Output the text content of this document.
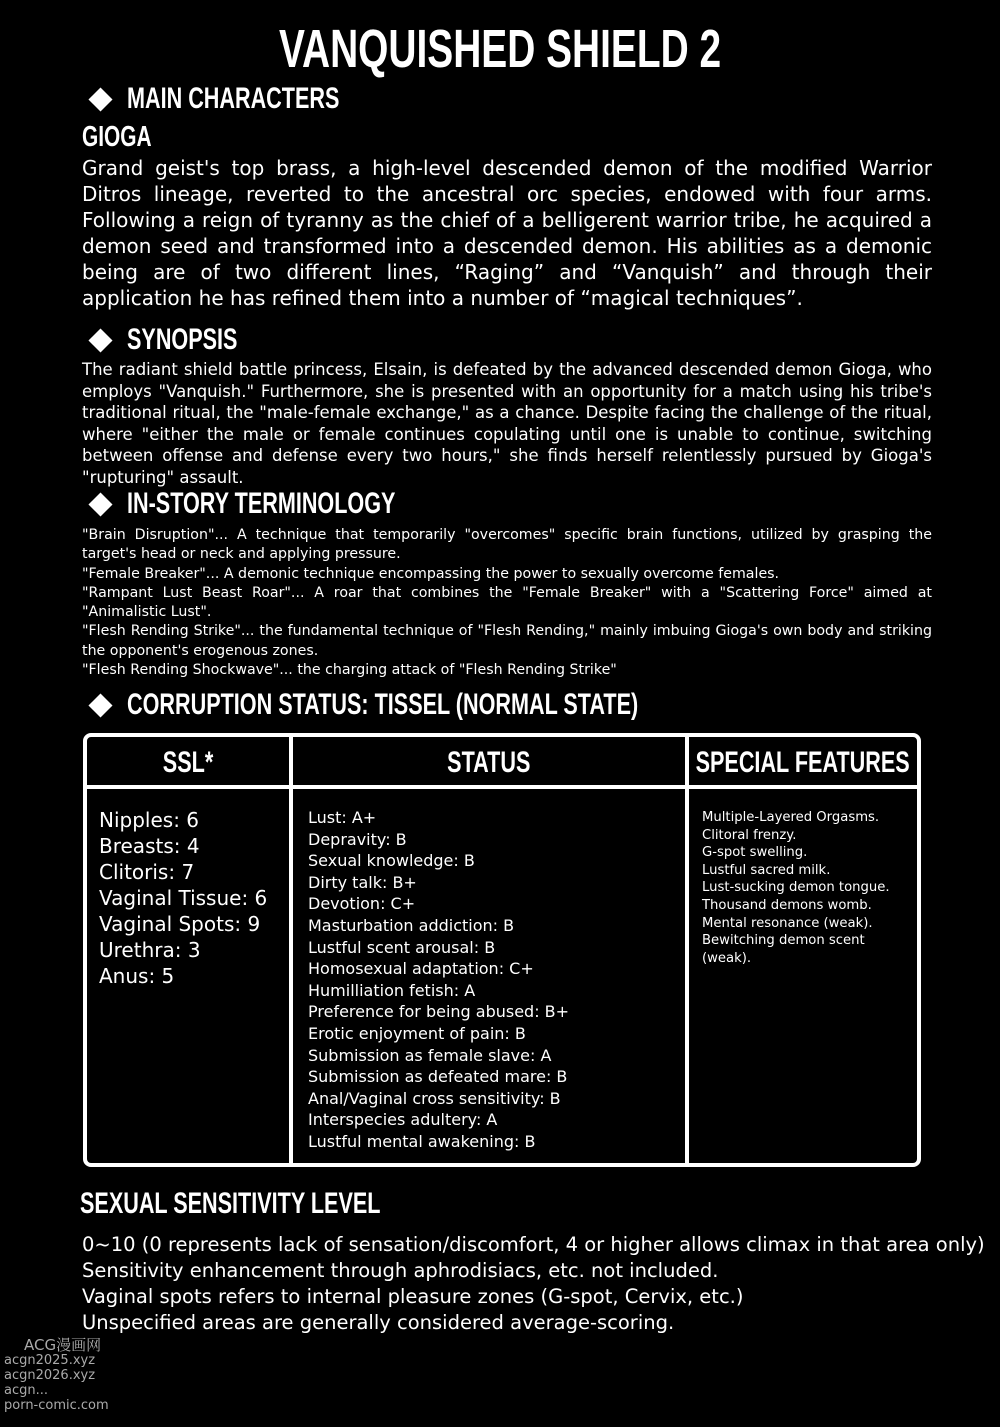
VANQUISHED SHIELD 2
MAIN CHARACTERS
GIOGA
Grand geist's top brass, a high-level descended demon of the modified Warrior Ditros lineage, reverted to the ancestral orc species, endowed with four arms. Following a reign of tyranny as the chief of a belligerent warrior tribe, he acquired a demon seed and transformed into a descended demon. His abilities as a demonic being are of two different lines, “Raging” and “Vanquish” and through their application he has refined them into a number of “magical techniques”.
SYNOPSIS
The radiant shield battle princess, Elsain, is defeated by the advanced descended demon Gioga, who employs "Vanquish." Furthermore, she is presented with an opportunity for a match using his tribe's traditional ritual, the "male-female exchange," as a chance. Despite facing the challenge of the ritual, where "either the male or female continues copulating until one is unable to continue, switching between offense and defense every two hours," she finds herself relentlessly pursued by Gioga's "rupturing" assault.
IN-STORY TERMINOLOGY
"Brain Disruption"... A technique that temporarily "overcomes" specific brain functions, utilized by grasping the target's head or neck and applying pressure.
"Female Breaker"... A demonic technique encompassing the power to sexually overcome females.
"Rampant Lust Beast Roar"... A roar that combines the "Female Breaker" with a "Scattering Force" aimed at "Animalistic Lust".
"Flesh Rending Strike"... the fundamental technique of "Flesh Rending," mainly imbuing Gioga's own body and striking the opponent's erogenous zones.
"Flesh Rending Shockwave"... the charging attack of "Flesh Rending Strike"
CORRUPTION STATUS: TISSEL (NORMAL STATE)
SSL*	STATUS	SPECIAL FEATURES
Nipples: 6
Breasts: 4
Clitoris: 7
Vaginal Tissue: 6
Vaginal Spots: 9
Urethra: 3
Anus: 5
Lust: A+
Depravity: B
Sexual knowledge: B
Dirty talk: B+
Devotion: C+
Masturbation addiction: B
Lustful scent arousal: B
Homosexual adaptation: C+
Humilliation fetish: A
Preference for being abused: B+
Erotic enjoyment of pain: B
Submission as female slave: A
Submission as defeated mare: B
Anal/Vaginal cross sensitivity: B
Interspecies adultery: A
Lustful mental awakening: B
Multiple-Layered Orgasms.
Clitoral frenzy.
G-spot swelling.
Lustful sacred milk.
Lust-sucking demon tongue.
Thousand demons womb.
Mental resonance (weak).
Bewitching demon scent (weak).
SEXUAL SENSITIVITY LEVEL
0~10 (0 represents lack of sensation/discomfort, 4 or higher allows climax in that area only)
Sensitivity enhancement through aphrodisiacs, etc. not included.
Vaginal spots refers to internal pleasure zones (G-spot, Cervix, etc.)
Unspecified areas are generally considered average-scoring.
ACG漫画网
acgn2025.xyz
acgn2026.xyz
acgn...
porn-comic.com
